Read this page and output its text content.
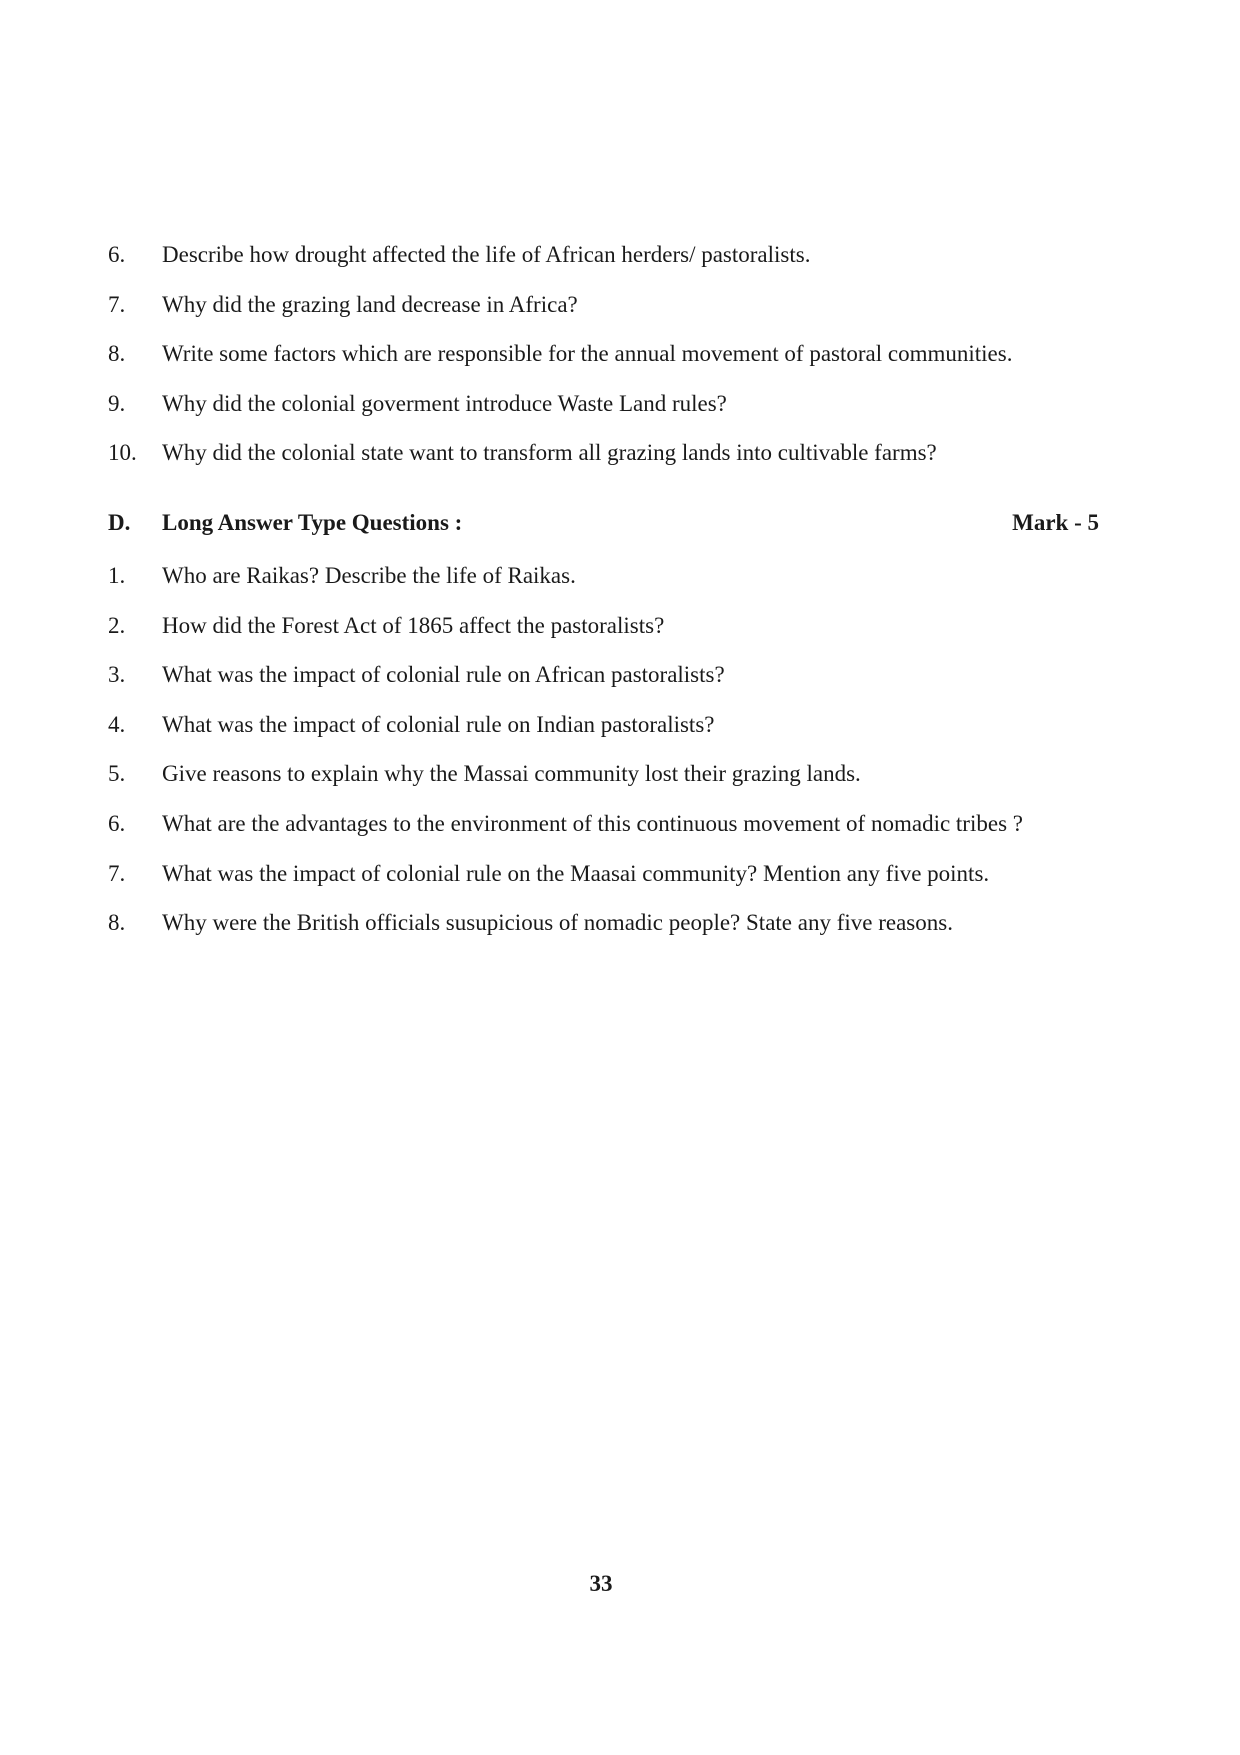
6.	Describe how drought affected the life of African herders/ pastoralists.
7.	Why did the grazing land decrease in Africa?
8.	Write some factors which are responsible for the annual movement of pastoral communities.
9.	Why did the colonial goverment introduce Waste Land rules?
10.	Why did the colonial state want to transform all grazing lands into cultivable farms?
D.	Long Answer Type Questions :	Mark - 5
1.	Who are Raikas? Describe the life of Raikas.
2.	How did the Forest Act of 1865 affect the pastoralists?
3.	What was the impact of colonial rule on African pastoralists?
4.	What was the impact of colonial rule on Indian pastoralists?
5.	Give reasons to explain why the Massai community lost their grazing lands.
6.	What are the advantages to the environment of this continuous movement of nomadic tribes ?
7.	What was the impact of colonial rule on the Maasai community? Mention any five points.
8.	Why were the British officials susupicious of nomadic people? State any five reasons.
33
